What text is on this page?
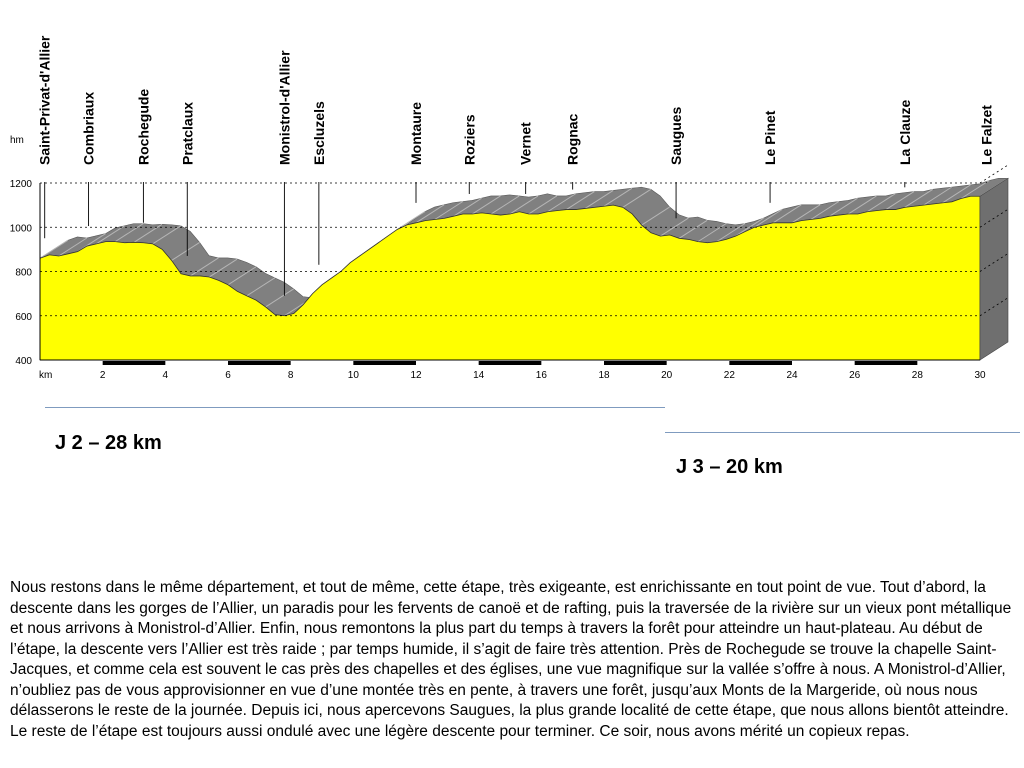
400
600
800
1000
1200
hm
km	2	4	6	8	10	12	14	16	18	20	22	24	26	28	30
Saint-Privat-d'Allier Combriaux	Rochegude Pratclaux	Monistrol-d'Allier Escluzels	Montaure	Roziers	Vernet Rognac	Saugues	Le Pinet	La Clauze	Le Falzet
J 2 – 28 km
J 3 – 20 km

Nous restons dans le même département, et tout de même, cette étape, très exigeante, est enrichissante en tout point de vue. Tout d’abord, la descente dans les gorges de l’Allier, un paradis pour les fervents de canoë et de rafting, puis la traversée de la rivière sur un vieux pont métallique et nous arrivons à Monistrol-d’Allier. Enfin, nous remontons la plus part du temps à travers la forêt pour atteindre un haut-plateau. Au début de l’étape, la descente vers l’Allier est très raide ; par temps humide, il s’agit de faire très attention. Près de Rochegude se trouve la chapelle Saint-Jacques, et comme cela est souvent le cas près des chapelles et des églises, une vue magnifique sur la vallée s’offre à nous. A Monistrol-d’Allier, n’oubliez pas de vous approvisionner en vue d’une montée très en pente, à travers une forêt, jusqu’aux Monts de la Margeride, où nous nous délasserons le reste de la journée. Depuis ici, nous apercevons Saugues, la plus grande localité de cette étape, que nous allons bientôt atteindre. Le reste de l’étape est toujours aussi ondulé avec une légère descente pour terminer. Ce soir, nous avons mérité un copieux repas.
